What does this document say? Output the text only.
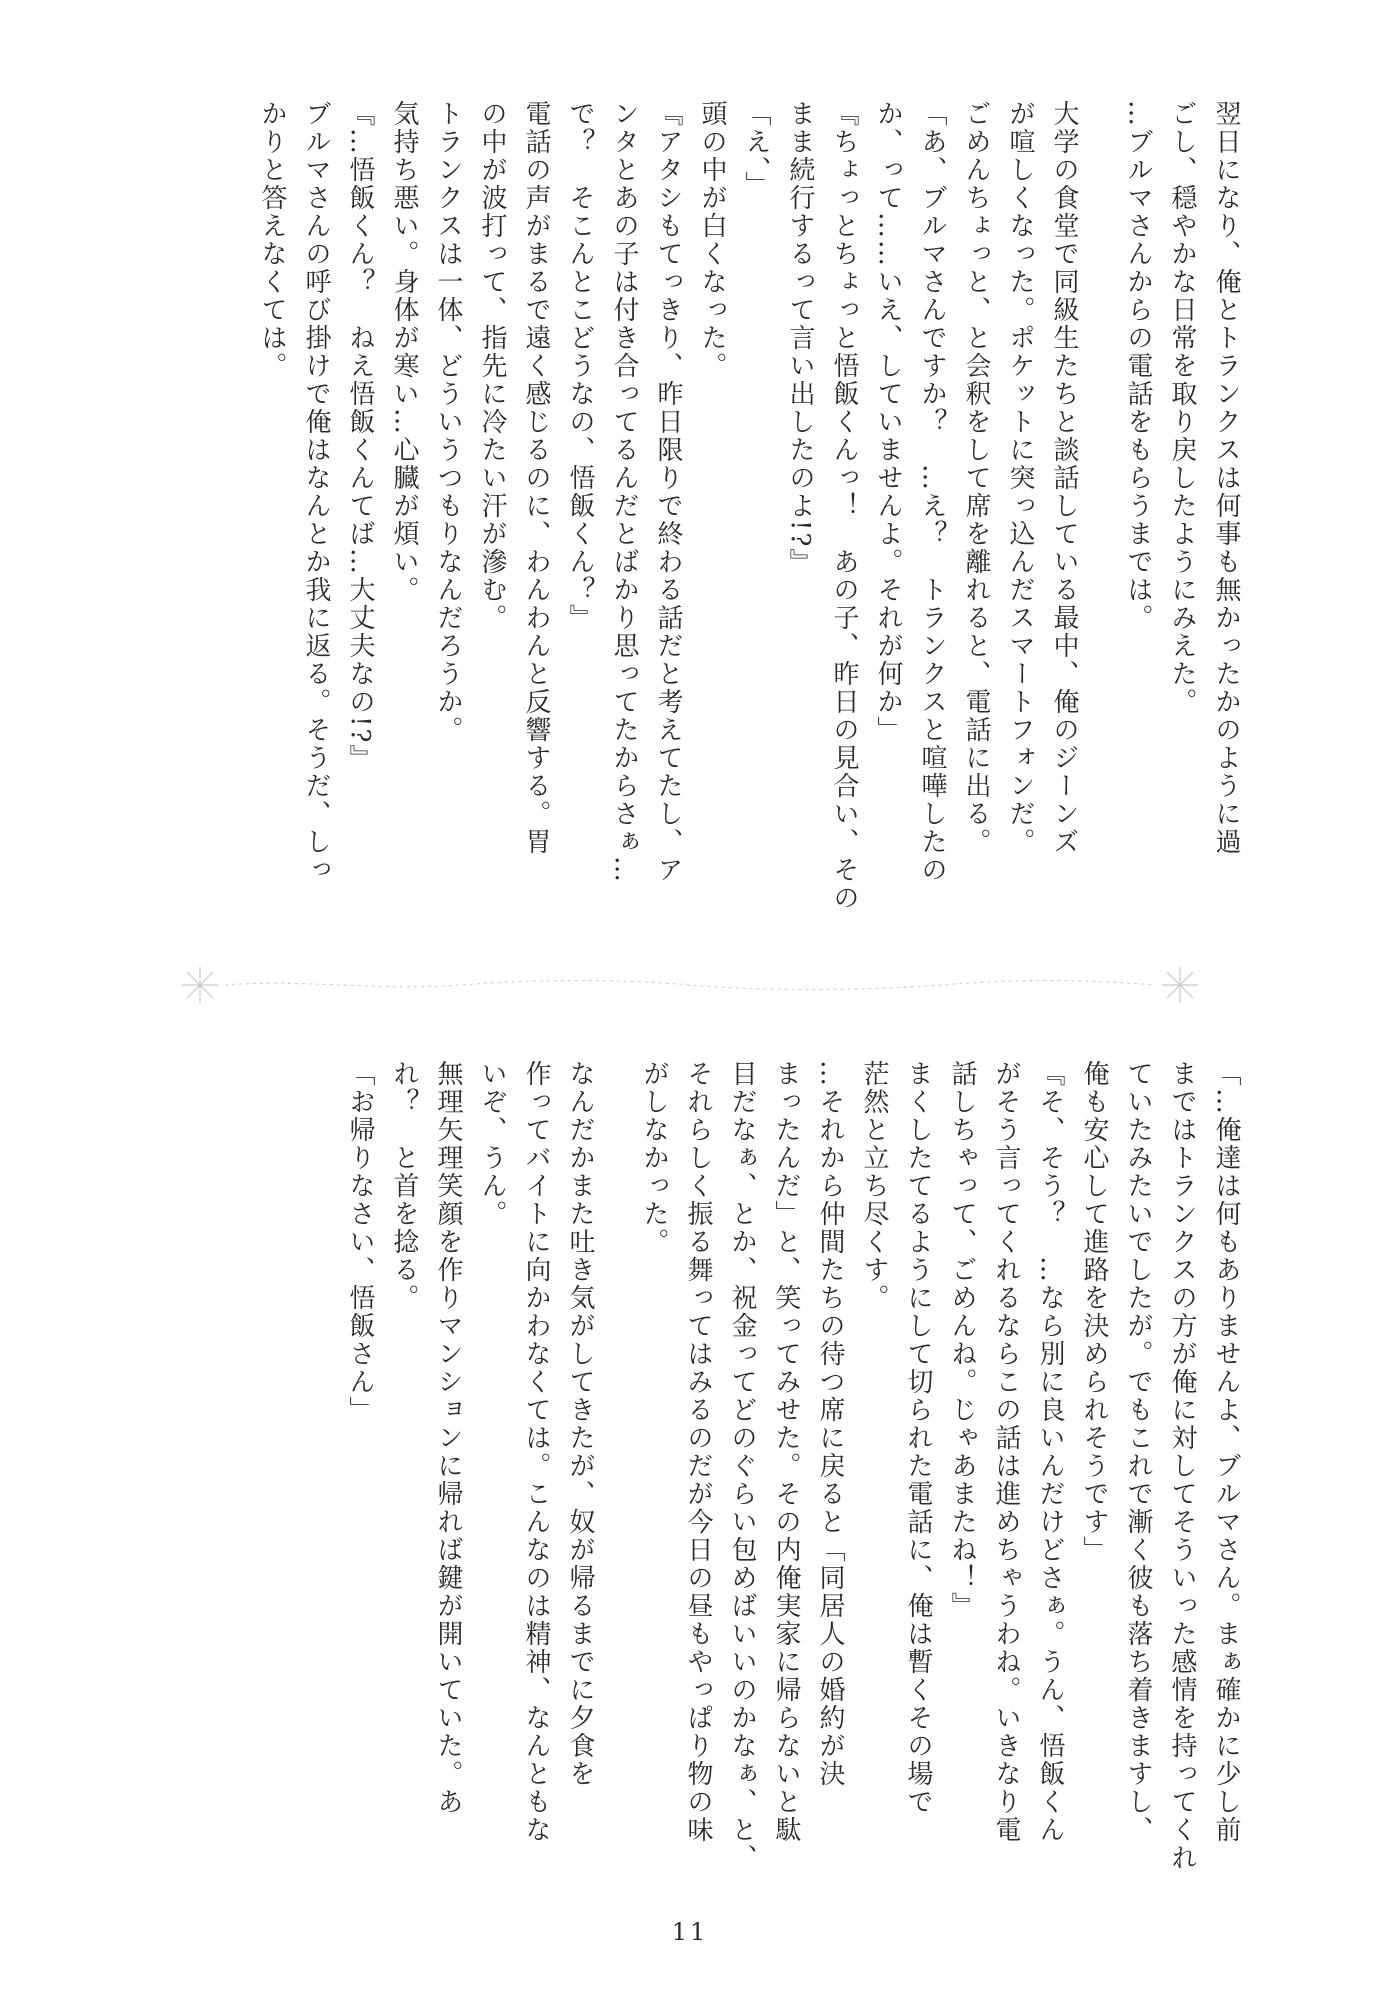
翌日になり、俺とトランクスは何事も無かったかのように過
ごし、穏やかな日常を取り戻したようにみえた。
…ブルマさんからの電話をもらうまでは。
大学の食堂で同級生たちと談話している最中、俺のジーンズ
が喧しくなった。ポケットに突っ込んだスマートフォンだ。
ごめんちょっと、と会釈をして席を離れると、電話に出る。
「あ、ブルマさんですか？　…え？　トランクスと喧嘩したの
か、って……いえ、していませんよ。それが何か」
『ちょっとちょっと悟飯くんっ！　あの子、昨日の見合い、その
まま続行するって言い出したのよ!?』
「え、」
頭の中が白くなった。
『アタシもてっきり、昨日限りで終わる話だと考えてたし、ア
ンタとあの子は付き合ってるんだとばかり思ってたからさぁ…
で？　そこんとこどうなの、悟飯くん？』
電話の声がまるで遠く感じるのに、わんわんと反響する。胃
の中が波打って、指先に冷たい汗が滲む。
トランクスは一体、どういうつもりなんだろうか。
気持ち悪い。身体が寒い…心臓が煩い。
『…悟飯くん？　ねえ悟飯くんてば…大丈夫なの!?』
ブルマさんの呼び掛けで俺はなんとか我に返る。そうだ、しっ
かりと答えなくては。
「…俺達は何もありませんよ、ブルマさん。まぁ確かに少し前
まではトランクスの方が俺に対してそういった感情を持ってくれ
ていたみたいでしたが。でもこれで漸く彼も落ち着きますし、
俺も安心して進路を決められそうです」
『そ、そう？　…なら別に良いんだけどさぁ。うん、悟飯くん
がそう言ってくれるならこの話は進めちゃうわね。いきなり電
話しちゃって、ごめんね。じゃあまたね！』
まくしたてるようにして切られた電話に、俺は暫くその場で
茫然と立ち尽くす。
…それから仲間たちの待つ席に戻ると「同居人の婚約が決
まったんだ」と、笑ってみせた。その内俺実家に帰らないと駄
目だなぁ、とか、祝金ってどのぐらい包めばいいのかなぁ、と、
それらしく振る舞ってはみるのだが今日の昼もやっぱり物の味
がしなかった。
なんだかまた吐き気がしてきたが、奴が帰るまでに夕食を
作ってバイトに向かわなくては。こんなのは精神、なんともな
いぞ、うん。
無理矢理笑顔を作りマンションに帰れば鍵が開いていた。あ
れ？　と首を捻る。
「お帰りなさい、悟飯さん」
11
